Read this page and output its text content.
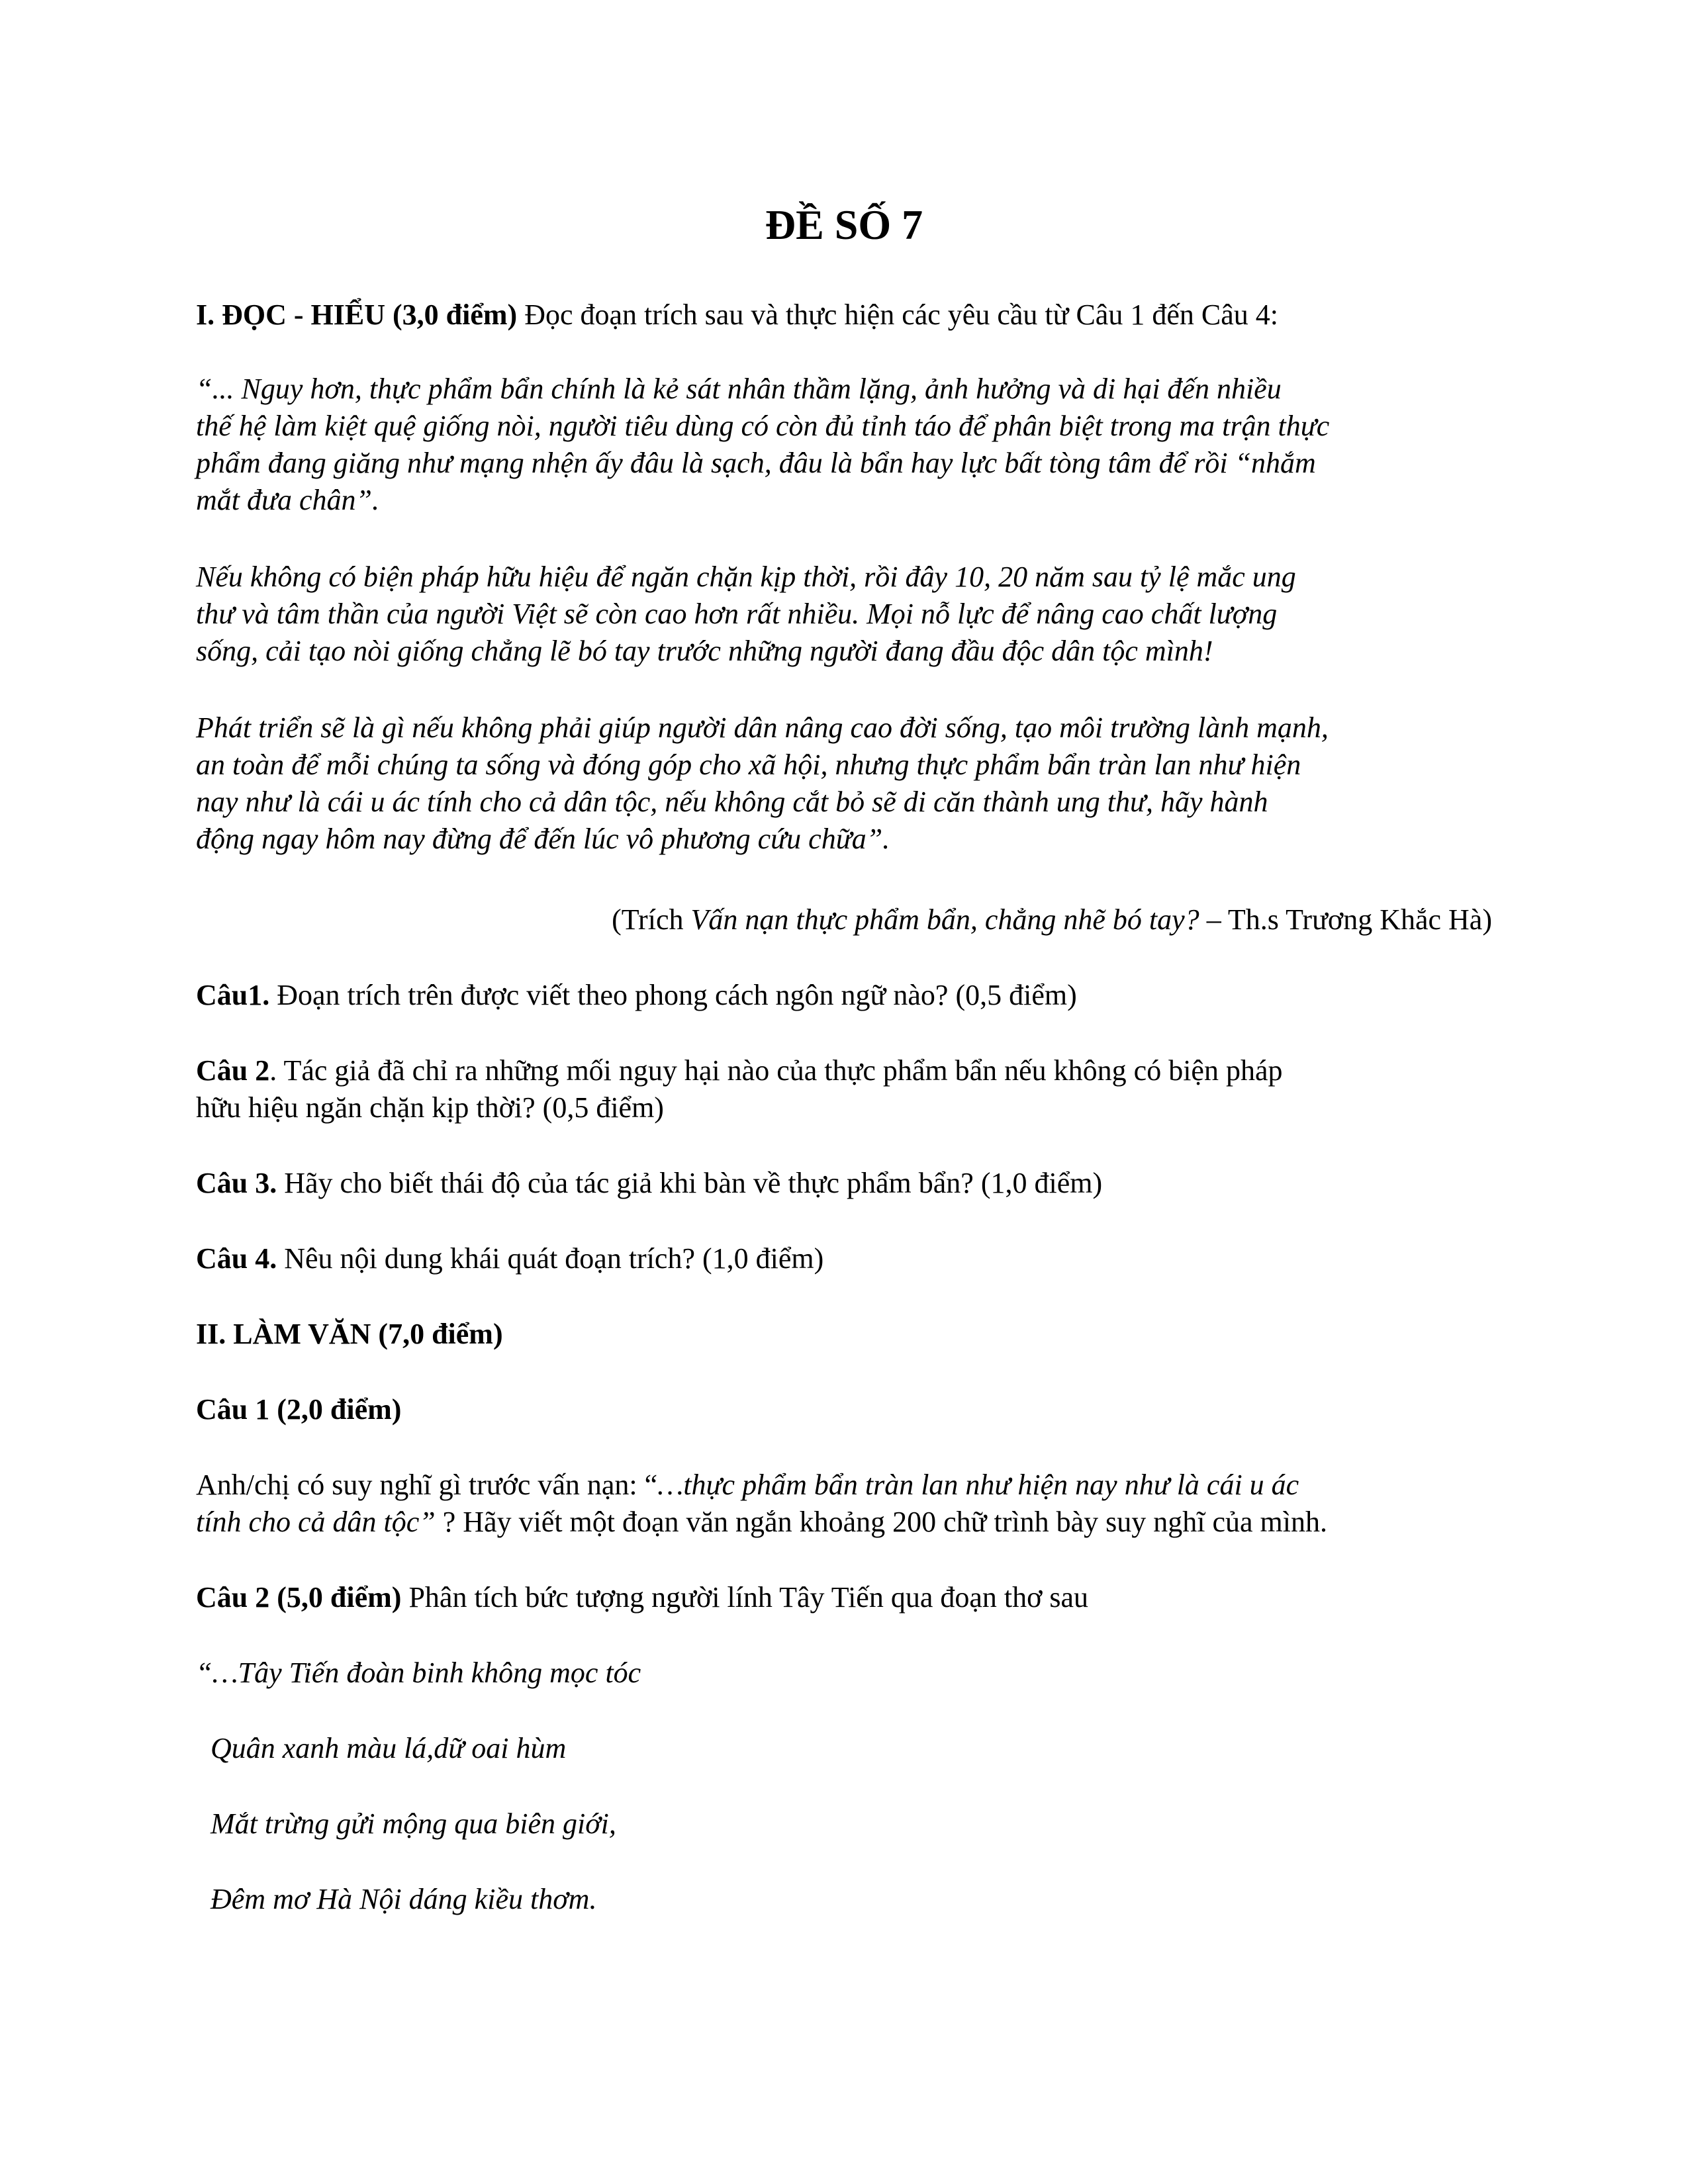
ĐỀ SỐ 7

I. ĐỌC - HIỂU (3,0 điểm) Đọc đoạn trích sau và thực hiện các yêu cầu từ Câu 1 đến Câu 4:

“... Nguy hơn, thực phẩm bẩn chính là kẻ sát nhân thầm lặng, ảnh hưởng và di hại đến nhiều

thế hệ làm kiệt quệ giống nòi, người tiêu dùng có còn đủ tỉnh táo để phân biệt trong ma trận thực

phẩm đang giăng như mạng nhện ấy đâu là sạch, đâu là bẩn hay lực bất tòng tâm để rồi “nhắm

mắt đưa chân”.

Nếu không có biện pháp hữu hiệu để ngăn chặn kịp thời, rồi đây 10, 20 năm sau tỷ lệ mắc ung

thư và tâm thần của người Việt sẽ còn cao hơn rất nhiều. Mọi nỗ lực để nâng cao chất lượng

sống, cải tạo nòi giống chẳng lẽ bó tay trước những người đang đầu độc dân tộc mình!

Phát triển sẽ là gì nếu không phải giúp người dân nâng cao đời sống, tạo môi trường lành mạnh,

an toàn để mỗi chúng ta sống và đóng góp cho xã hội, nhưng thực phẩm bẩn tràn lan như hiện

nay như là cái u ác tính cho cả dân tộc, nếu không cắt bỏ sẽ di căn thành ung thư, hãy hành

động ngay hôm nay đừng để đến lúc vô phương cứu chữa”.

(Trích Vấn nạn thực phẩm bẩn, chẳng nhẽ bó tay? – Th.s Trương Khắc Hà)

Câu1. Đoạn trích trên được viết theo phong cách ngôn ngữ nào? (0,5 điểm)

Câu 2. Tác giả đã chỉ ra những mối nguy hại nào của thực phẩm bẩn nếu không có biện pháp

hữu hiệu ngăn chặn kịp thời? (0,5 điểm)

Câu 3. Hãy cho biết thái độ của tác giả khi bàn về thực phẩm bẩn? (1,0 điểm)

Câu 4. Nêu nội dung khái quát đoạn trích? (1,0 điểm)

II. LÀM VĂN (7,0 điểm)

Câu 1 (2,0 điểm)

Anh/chị có suy nghĩ gì trước vấn nạn: “…thực phẩm bẩn tràn lan như hiện nay như là cái u ác

tính cho cả dân tộc” ? Hãy viết một đoạn văn ngắn khoảng 200 chữ trình bày suy nghĩ của mình.

Câu 2 (5,0 điểm) Phân tích bức tượng người lính Tây Tiến qua đoạn thơ sau

“…Tây Tiến đoàn binh không mọc tóc

Quân xanh màu lá,dữ oai hùm

Mắt trừng gửi mộng qua biên giới,

Đêm mơ Hà Nội dáng kiều thơm.
